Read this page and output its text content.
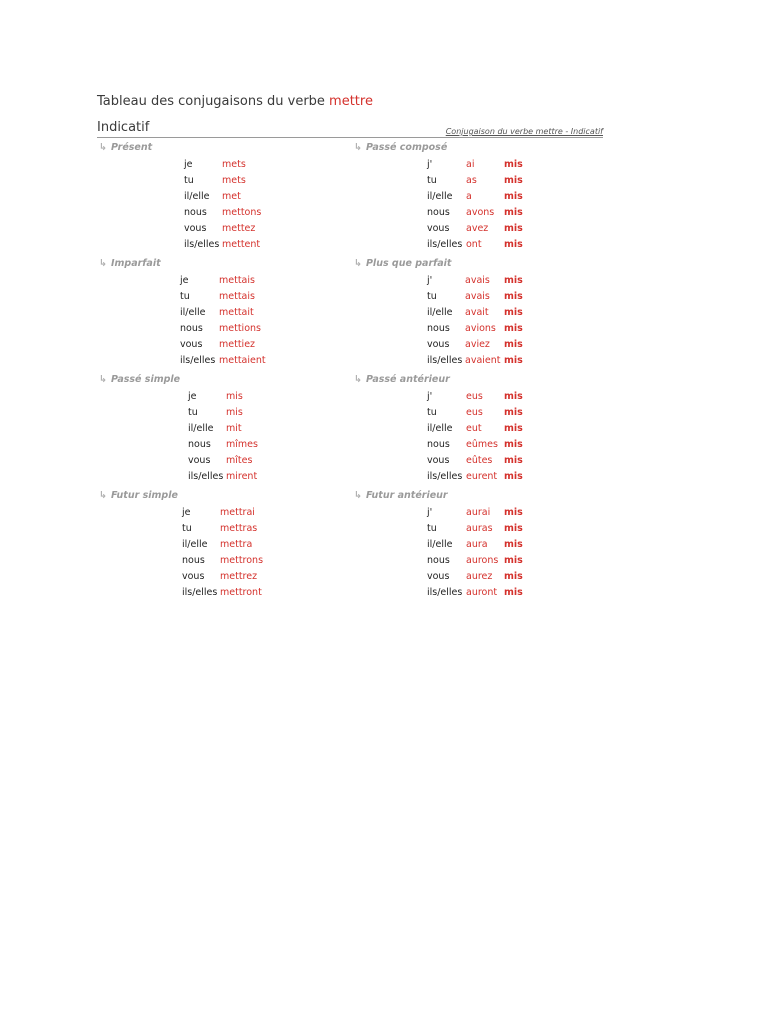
Tableau des conjugaisons du verbe mettre
Indicatif	Conjugaison du verbe mettre - Indicatif
↳ Présent	↳ Passé composé
↳ Imparfait	↳ Plus que parfait
↳ Passé simple	↳ Passé antérieur
↳ Futur simple	↳ Futur antérieur
je	mets
tu	mets
il/elle met
nous mettons
vous mettez
ils/elles mettent
j'	ai	mis
tu	as	mis
il/elle a	mis
nous avons mis
vous avez mis
ils/elles ont mis
je	mettais
tu	mettais
il/elle mettait
nous mettions
vous mettiez
ils/elles mettaient
j'	avais mis
tu	avais mis
il/elle avait mis
nous avions mis
vous aviez mis
ils/elles avaient mis
je	mis
tu	mis
il/elle mit
nous mîmes
vous mîtes
ils/elles mirent
j'	eus mis
tu	eus mis
il/elle eut mis
nous eûmes mis
vous eûtes mis
ils/elles eurent mis
je	mettrai
tu	mettras
il/elle mettra
nous mettrons
vous mettrez
ils/elles mettront
j'	aurai mis
tu	auras mis
il/elle aura mis
nous aurons mis
vous aurez mis
ils/elles auront mis
